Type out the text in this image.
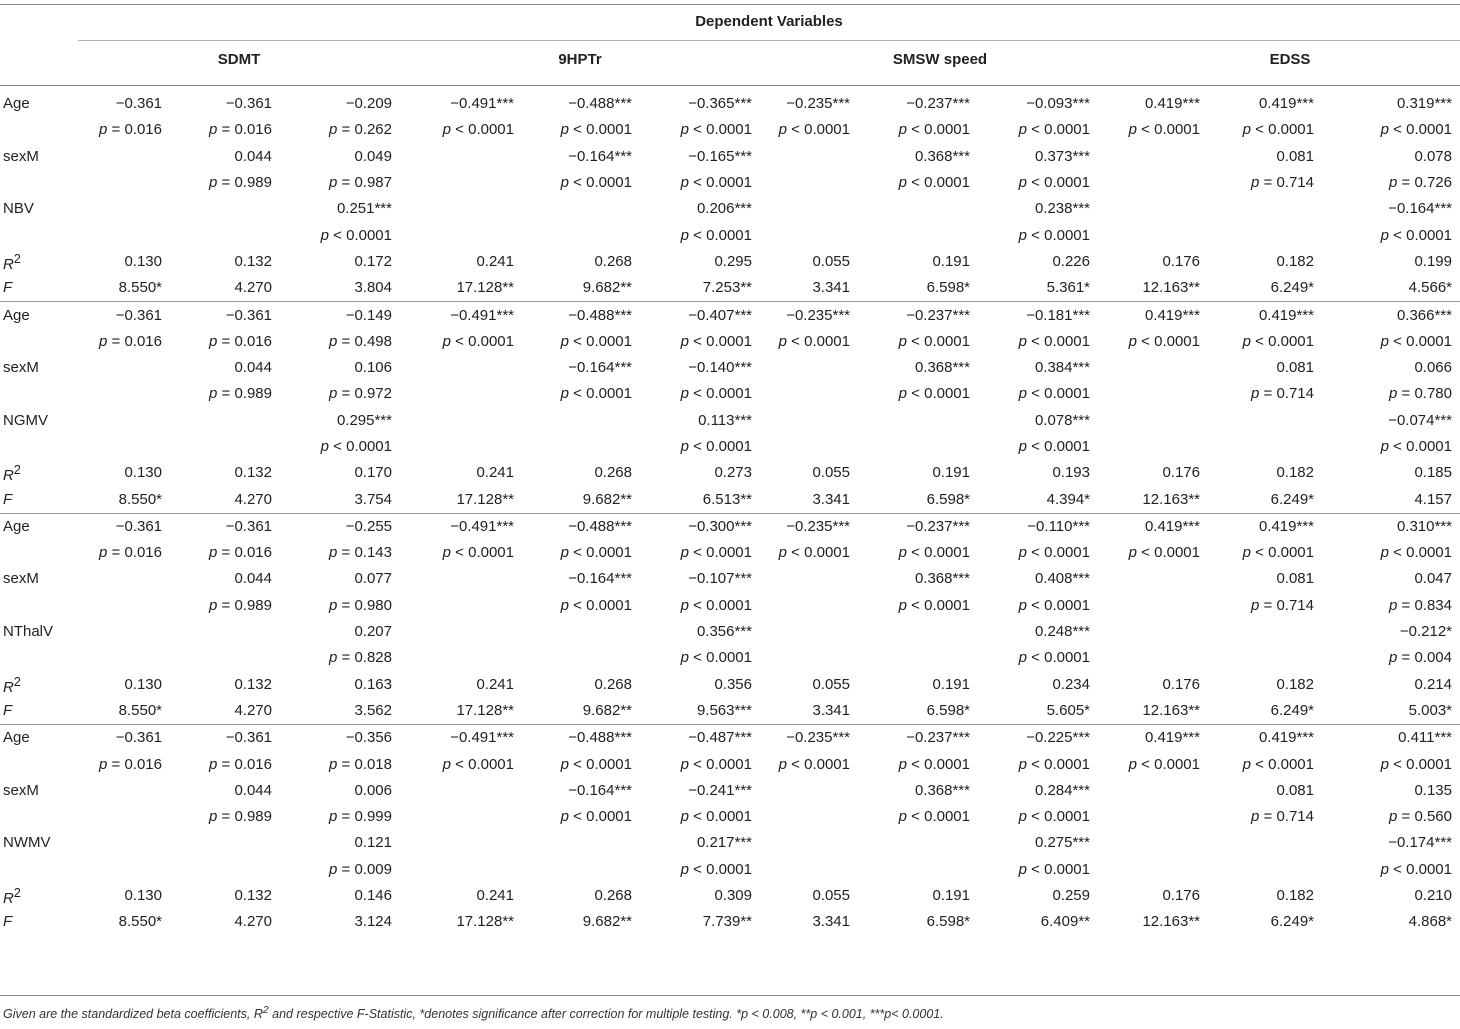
Dependent Variables
SDMT	9HPTr	SMSW speed	EDSS
Age	−0.361	−0.361	−0.209	−0.491***	−0.488***	−0.365***	−0.235***	−0.237***	−0.093***	0.419***	0.419***	0.319***
	p = 0.016	p = 0.016	p = 0.262	p < 0.0001	p < 0.0001	p < 0.0001	p < 0.0001	p < 0.0001	p < 0.0001	p < 0.0001	p < 0.0001	p < 0.0001
sexM		0.044	0.049		−0.164***	−0.165***		0.368***	0.373***		0.081	0.078
		p = 0.989	p = 0.987		p < 0.0001	p < 0.0001		p < 0.0001	p < 0.0001		p = 0.714	p = 0.726
NBV			0.251***			0.206***			0.238***			−0.164***
			p < 0.0001			p < 0.0001			p < 0.0001			p < 0.0001
$R^2$	0.130	0.132	0.172	0.241	0.268	0.295	0.055	0.191	0.226	0.176	0.182	0.199
F	8.550*	4.270	3.804	17.128**	9.682**	7.253**	3.341	6.598*	5.361*	12.163**	6.249*	4.566*
Age	−0.361	−0.361	−0.149	−0.491***	−0.488***	−0.407***	−0.235***	−0.237***	−0.181***	0.419***	0.419***	0.366***
	p = 0.016	p = 0.016	p = 0.498	p < 0.0001	p < 0.0001	p < 0.0001	p < 0.0001	p < 0.0001	p < 0.0001	p < 0.0001	p < 0.0001	p < 0.0001
sexM		0.044	0.106		−0.164***	−0.140***		0.368***	0.384***		0.081	0.066
		p = 0.989	p = 0.972		p < 0.0001	p < 0.0001		p < 0.0001	p < 0.0001		p = 0.714	p = 0.780
NGMV			0.295***			0.113***			0.078***			−0.074***
			p < 0.0001			p < 0.0001			p < 0.0001			p < 0.0001
$R^2$	0.130	0.132	0.170	0.241	0.268	0.273	0.055	0.191	0.193	0.176	0.182	0.185
F	8.550*	4.270	3.754	17.128**	9.682**	6.513**	3.341	6.598*	4.394*	12.163**	6.249*	4.157
Age	−0.361	−0.361	−0.255	−0.491***	−0.488***	−0.300***	−0.235***	−0.237***	−0.110***	0.419***	0.419***	0.310***
	p = 0.016	p = 0.016	p = 0.143	p < 0.0001	p < 0.0001	p < 0.0001	p < 0.0001	p < 0.0001	p < 0.0001	p < 0.0001	p < 0.0001	p < 0.0001
sexM		0.044	0.077		−0.164***	−0.107***		0.368***	0.408***		0.081	0.047
		p = 0.989	p = 0.980		p < 0.0001	p < 0.0001		p < 0.0001	p < 0.0001		p = 0.714	p = 0.834
NThalV			0.207			0.356***			0.248***			−0.212*
			p = 0.828			p < 0.0001			p < 0.0001			p = 0.004
$R^2$	0.130	0.132	0.163	0.241	0.268	0.356	0.055	0.191	0.234	0.176	0.182	0.214
F	8.550*	4.270	3.562	17.128**	9.682**	9.563***	3.341	6.598*	5.605*	12.163**	6.249*	5.003*
Age	−0.361	−0.361	−0.356	−0.491***	−0.488***	−0.487***	−0.235***	−0.237***	−0.225***	0.419***	0.419***	0.411***
	p = 0.016	p = 0.016	p = 0.018	p < 0.0001	p < 0.0001	p < 0.0001	p < 0.0001	p < 0.0001	p < 0.0001	p < 0.0001	p < 0.0001	p < 0.0001
sexM		0.044	0.006		−0.164***	−0.241***		0.368***	0.284***		0.081	0.135
		p = 0.989	p = 0.999		p < 0.0001	p < 0.0001		p < 0.0001	p < 0.0001		p = 0.714	p = 0.560
NWMV			0.121			0.217***			0.275***			−0.174***
			p = 0.009			p < 0.0001			p < 0.0001			p < 0.0001
$R^2$	0.130	0.132	0.146	0.241	0.268	0.309	0.055	0.191	0.259	0.176	0.182	0.210
F	8.550*	4.270	3.124	17.128**	9.682**	7.739**	3.341	6.598*	6.409**	12.163**	6.249*	4.868*
Given are the standardized beta coefficients, $R^2$ and respective F-Statistic, *denotes significance after correction for multiple testing. *p < 0.008, **p < 0.001, ***p< 0.0001.
